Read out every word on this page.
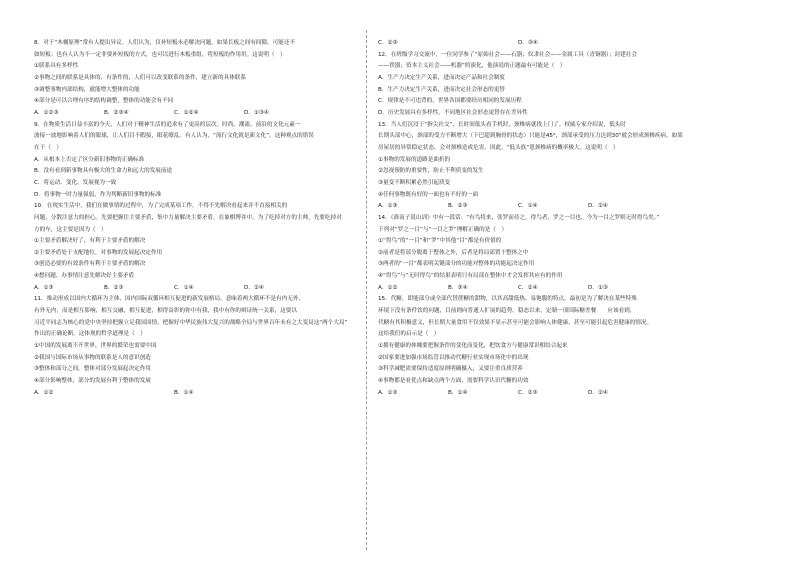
8．对于“木桶原理”常有人提出异议。人们认为，仅补短板未必解决问题，如果长板之间有间隙，可能还不
如短板；也有人认为不一定非要补短板的方式，也可以进行木板重组，将短板的作用用。这说明（　）
①联系具有多样性
②事物之间的联系是具体的、有条件的，人们可以改变联系的条件，建立新的具体联系
③调整事物内部结构，就能增大整体的功能
④部分是可以合理有序的结构调整，整体的功能会有不同
A．①②③	B．②③④	C．①②④	D．①③④
9．在物质生活日益丰富的今天，人们对于精神生活的追求有了更高的层次。时尚、潮流、前沿的文化元素一
波接一波地影响着人们的眼球，让人们目不暇接，眼花缭乱。有人认为，“流行文化就是新文化”。这种观点的错误
在于（　）
A．从根本上否定了区分新旧事物的正确标准
B．没有看到新事物具有极大的生命力和远大的发展前途
C．将运动、变化、发展视为一致
D．将事物一时力量强弱，作为判断新旧事物的标准
10．在现实生活中，我们在做事情的过程中，为了完成某项工作，不得不先解决看起来并不直接相关的
问题，分散注意力的担心。先要把握住主要矛盾，集中力量解决主要矛盾，在象棋博弈中，为了吃掉对方的主帅，先要吃掉对
方的车，这主要是因为（　）
①主要矛盾解决好了，有利于主要矛盾的解决
②主要矛盾处于支配地位，对事物的发展起决定作用
③创造必要的有效条件有利于主要矛盾的解决
④想问题、办事情注意先解决好主要矛盾
A．①③	B．②③	C．①④	D．②④
11．推动形成以国内大循环为主体、国内国际双循环相互促进的新发展格局，意味着两大循环不是有内无外、
有外无内，而是相互影响，相互交融，相互促进，相得益彰的你中有我，我中有你的辩证统一关系，这要以
习近平同志为核心的党中央坚持把握立足我国国情，把握好中华民族伟大复兴的战略全局与世界百年未有之大变局这“两个大局”
作出的正确论断。这体现的哲学道理是（　）
①中国的发展离不开世界，世界的繁荣也需要中国
②我国与国际市场从事物的联系是人的意识创造
③整体和部分之间，整体对部分发展起决定作用
④部分影响整体，部分的发展有利于整体的发展
A．①②	B．①④
C．②③	D．③④
12．在班级学习交流中，一位同学参了“原始社会——石器；奴隶社会——金属工具（青铜器）；封建社会
——铁器；资本主义社会——机器”的演化，他演说的正题最有可能是（　）
A．生产力决定生产关系，进而决定产品和社会制度
B．生产力决定生产关系，进而决定社会形态的更替
C．规律是不可违背的，世界各国都要经历相同的发展历程
D．历史发展具有多样性，不同地区社会形态更替存在差异性
13．当人们沉浸于“指尖社交”，长时间低头看手机时，颈椎病就找上门了。权威专家介绍说，低头时
长期头部中心，颈部的受力不断增大（下巴超到胸骨的状态）只能是45°，颈部承受的压力达到30"就会形成颈椎疾病，如果
房屋居的异常稳定状态，会对颈椎造成危害。因此，“低头族”患颈椎病的概率极大。这说明（　）
①事物的发展的道路是曲折的
②忽视预防的重要性，防止不利质变的发生
③量变不断积累必然引起质变
④任何事物既有好的一面也有不好的一面
A．①③	B．②③	C．①④	D．②④
14．《淮南子说山训》中有一段话：“有鸟将来，张罗而待之，得鸟者，罗之一目也，今为一目之罗则无时得鸟矣。”
下列对“罗之一目”与“一目之罗”理解正确的是（　）
①“得鸟”的“一目”和“罗”中其他“目”都是有价值的
②前者是将部分脱离于整体之外，后者是将局部置于整体之中
③两者的“一目”都表明关键部分的功能对整体的功能起决定作用
④“得鸟”与“无时得鸟”的结果表明只有局部在整体中才会发挥其应有的作用
A．①②	B．③④	C．②④	D．①③
15．代糖，即能部分或全部代替蔗糖的甜物，以其高甜低热、易饱腹的特点，最初是为了解决在某些特殊
环境下没有条件饮的问题，目前则向普通人扩展的趋势。稳态以来，定制一项国际糖差餐　　应该看到，
代糖有其积极意义，但长期大量食用不仅效果不显示甚至可能会影响人体健康，甚至可能引起危害健康的情况。
这给我们的启示是（　）
①拥有健康的体魄要把握条件的变化而变化，把饮食方与健康常识相结合起来
②国家要进加强市场监管以推动代糖行业实现市场化中的出现
③科学减肥需要保持适度原则明确摄入，又要注重良质营养
④事物都是看优点和缺点两个方面，需要科学认识代糖的功效
A．①③	B．①④	C．②③	D．②④
